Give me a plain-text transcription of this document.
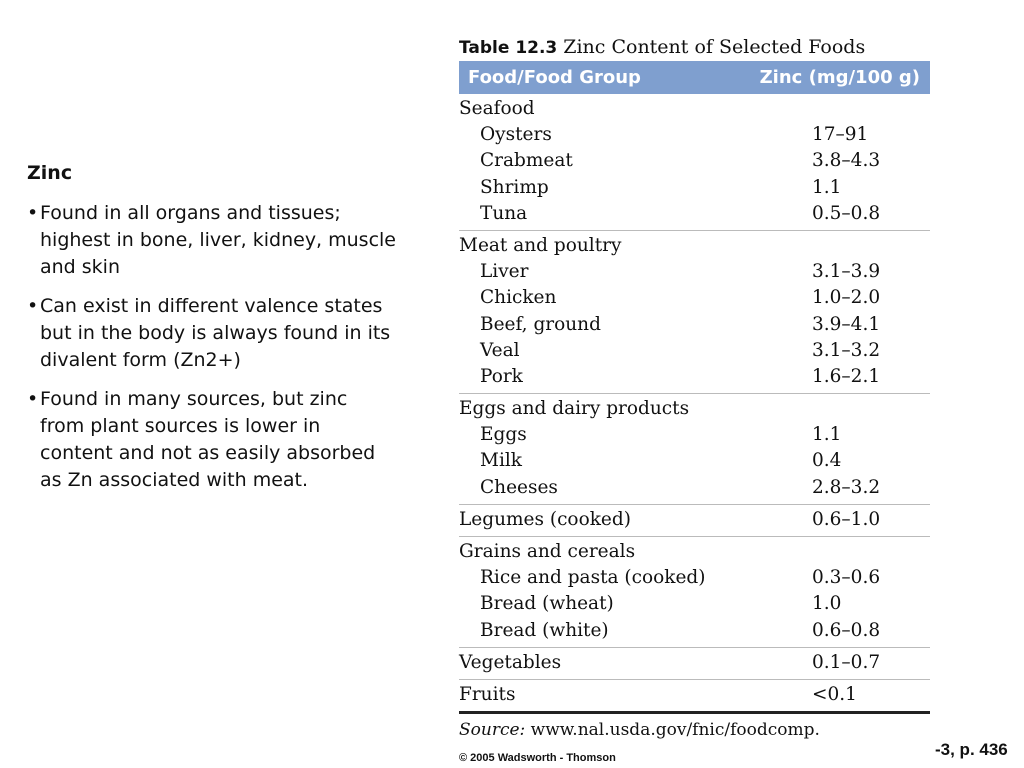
Zinc
• Found in all organs and tissues; highest in bone, liver, kidney, muscle and skin
• Can exist in different valence states but in the body is always found in its divalent form (Zn2+)
• Found in many sources, but zinc from plant sources is lower in content and not as easily absorbed as Zn associated with meat.
Table 12.3 Zinc Content of Selected Foods
Food/Food Group	Zinc (mg/100 g)
Seafood
Oysters	17–91
Crabmeat	3.8–4.3
Shrimp	1.1
Tuna	0.5–0.8
Meat and poultry
Liver	3.1–3.9
Chicken	1.0–2.0
Beef, ground	3.9–4.1
Veal	3.1–3.2
Pork	1.6–2.1
Eggs and dairy products
Eggs	1.1
Milk	0.4
Cheeses	2.8–3.2
Legumes (cooked)	0.6–1.0
Grains and cereals
Rice and pasta (cooked)	0.3–0.6
Bread (wheat)	1.0
Bread (white)	0.6–0.8
Vegetables	0.1–0.7
Fruits	<0.1
Source: www.nal.usda.gov/fnic/foodcomp.
© 2005 Wadsworth - Thomson	-3, p. 436
